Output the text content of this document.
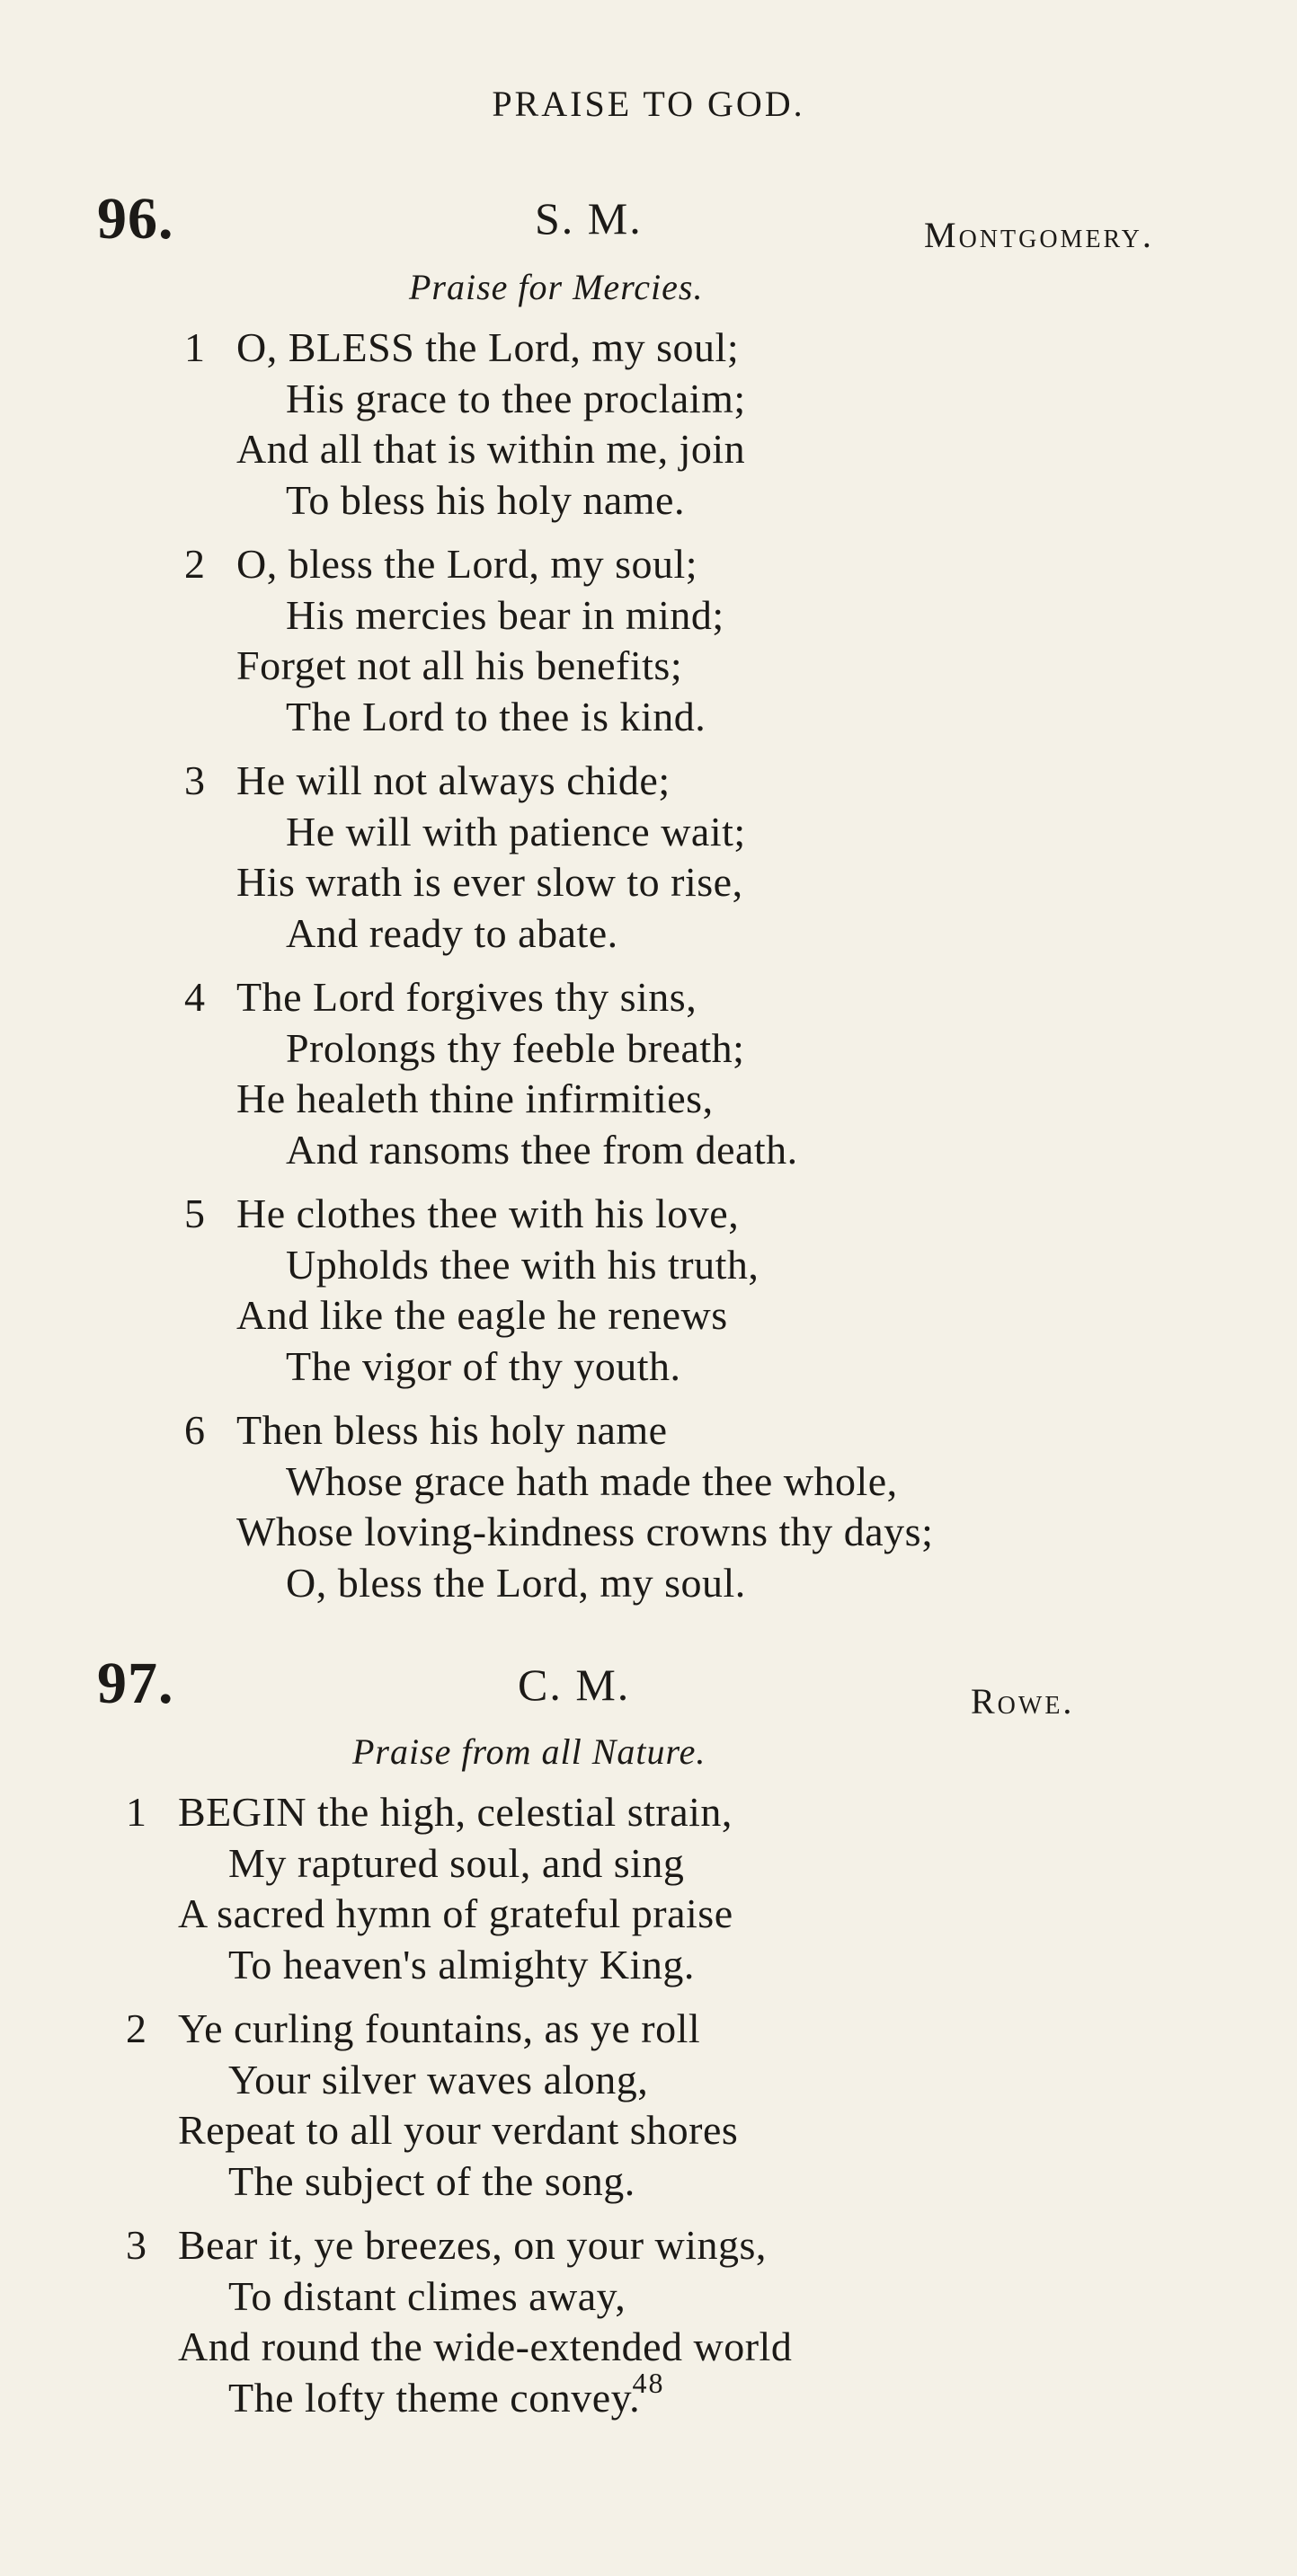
PRAISE TO GOD.
96.	S. M.	Montgomery.
Praise for Mercies.
1 O, BLESS the Lord, my soul;
His grace to thee proclaim;
And all that is within me, join
To bless his holy name.
2 O, bless the Lord, my soul;
His mercies bear in mind;
Forget not all his benefits;
The Lord to thee is kind.
3 He will not always chide;
He will with patience wait;
His wrath is ever slow to rise,
And ready to abate.
4 The Lord forgives thy sins,
Prolongs thy feeble breath;
He healeth thine infirmities,
And ransoms thee from death.
5 He clothes thee with his love,
Upholds thee with his truth,
And like the eagle he renews
The vigor of thy youth.
6 Then bless his holy name
Whose grace hath made thee whole,
Whose loving-kindness crowns thy days;
O, bless the Lord, my soul.
97.	C. M.	Rowe.
Praise from all Nature.
1 BEGIN the high, celestial strain,
My raptured soul, and sing
A sacred hymn of grateful praise
To heaven's almighty King.
2 Ye curling fountains, as ye roll
Your silver waves along,
Repeat to all your verdant shores
The subject of the song.
3 Bear it, ye breezes, on your wings,
To distant climes away,
And round the wide-extended world
The lofty theme convey.
48
